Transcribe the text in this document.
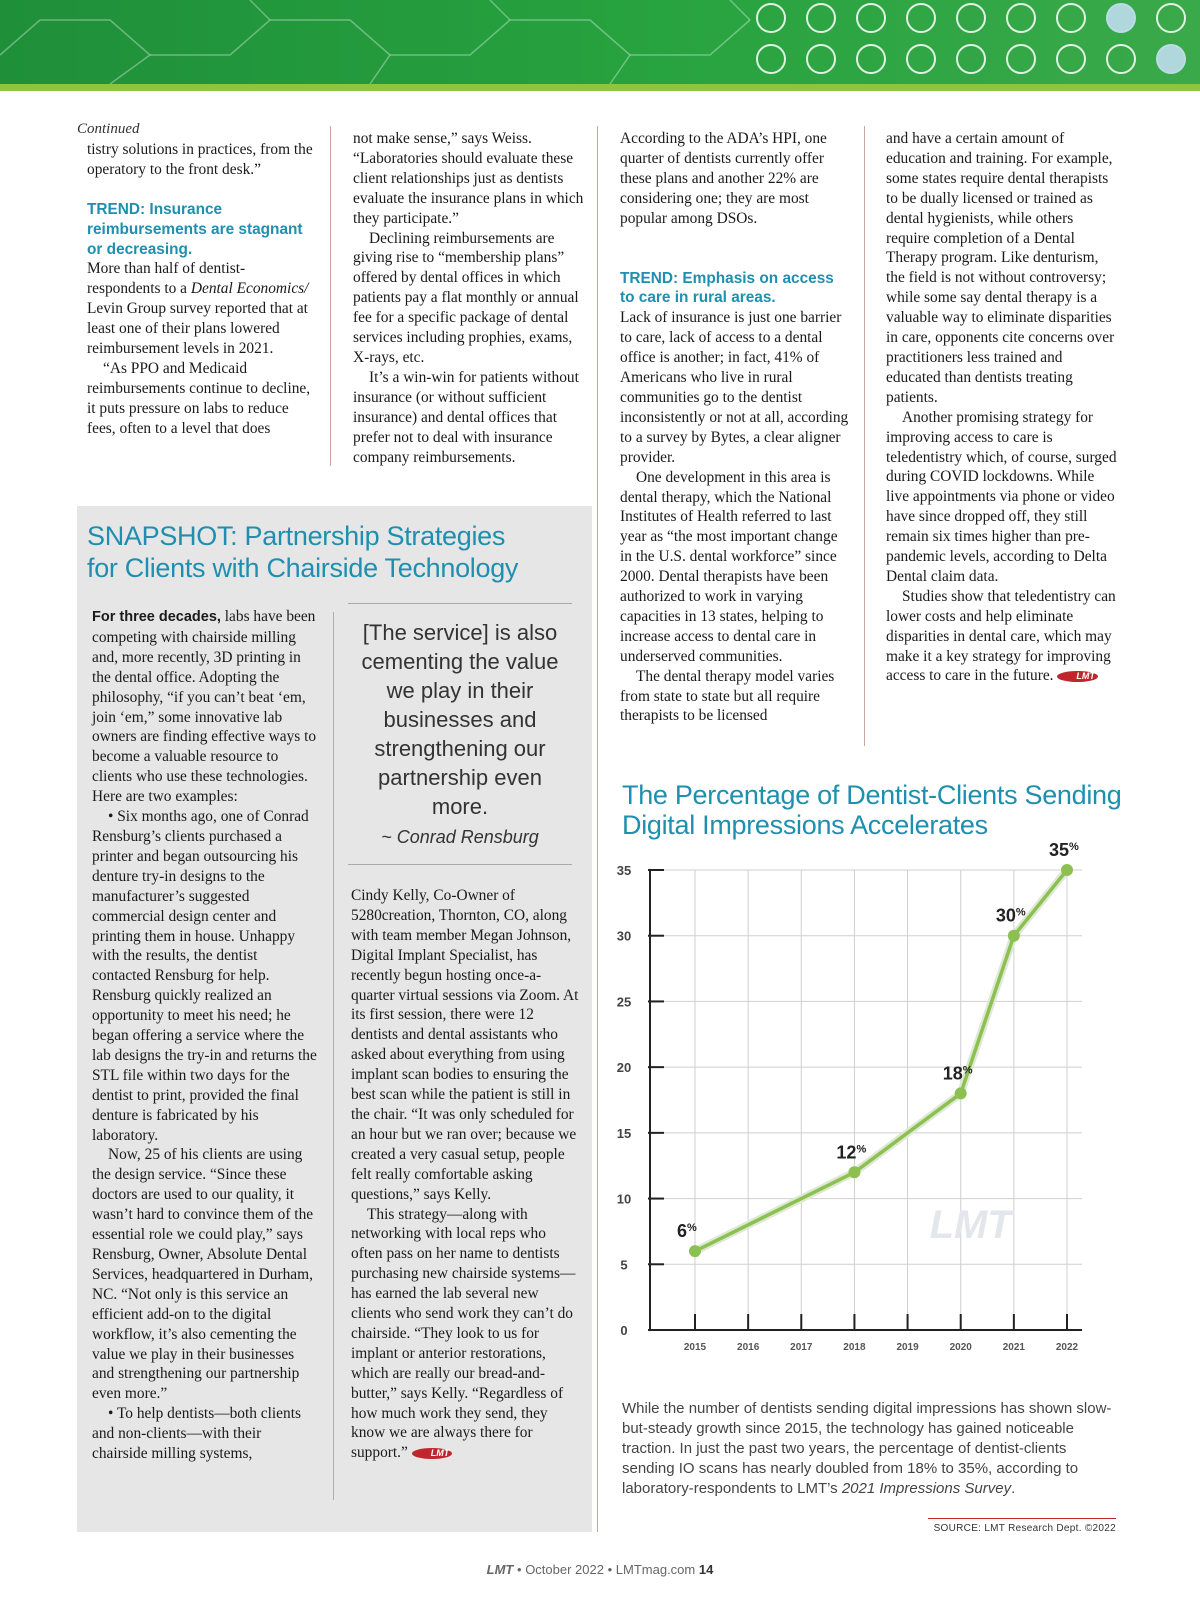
Continued

tistry solutions in practices, from the operatory to the front desk.”

TREND: Insurance reimbursements are stagnant or decreasing.

More than half of dentist-respondents to a Dental Economics/ Levin Group survey reported that at least one of their plans lowered reimbursement levels in 2021.

“As PPO and Medicaid reimbursements continue to decline, it puts pressure on labs to reduce fees, often to a level that does

not make sense,” says Weiss. “Laboratories should evaluate these client relationships just as dentists evaluate the insurance plans in which they participate.”

Declining reimbursements are giving rise to “membership plans” offered by dental offices in which patients pay a flat monthly or annual fee for a specific package of dental services including prophies, exams, X-rays, etc.

It’s a win-win for patients without insurance (or without sufficient insurance) and dental offices that prefer not to deal with insurance company reimbursements.

According to the ADA’s HPI, one quarter of dentists currently offer these plans and another 22% are considering one; they are most popular among DSOs.

TREND: Emphasis on access to care in rural areas.

Lack of insurance is just one barrier to care, lack of access to a dental office is another; in fact, 41% of Americans who live in rural communities go to the dentist inconsistently or not at all, according to a survey by Bytes, a clear aligner provider.

One development in this area is dental therapy, which the National Institutes of Health referred to last year as “the most important change in the U.S. dental workforce” since 2000. Dental therapists have been authorized to work in varying capacities in 13 states, helping to increase access to dental care in underserved communities.

The dental therapy model varies from state to state but all require therapists to be licensed

and have a certain amount of education and training. For example, some states require dental therapists to be dually licensed or trained as dental hygienists, while others require completion of a Dental Therapy program. Like denturism, the field is not without controversy; while some say dental therapy is a valuable way to eliminate disparities in care, opponents cite concerns over practitioners less trained and educated than dentists treating patients.

Another promising strategy for improving access to care is teledentistry which, of course, surged during COVID lockdowns. While live appointments via phone or video have since dropped off, they still remain six times higher than pre-pandemic levels, according to Delta Dental claim data.

Studies show that teledentistry can lower costs and help eliminate disparities in dental care, which may make it a key strategy for improving access to care in the future.	LMT

SNAPSHOT: Partnership Strategies
for Clients with Chairside Technology

For three decades, labs have been competing with chairside milling and, more recently, 3D printing in the dental office. Adopting the philosophy, “if you can’t beat ‘em, join ‘em,” some innovative lab owners are finding effective ways to become a valuable resource to clients who use these technologies. Here are two examples:

• Six months ago, one of Conrad Rensburg’s clients purchased a printer and began outsourcing his denture try-in designs to the manufacturer’s suggested commercial design center and printing them in house. Unhappy with the results, the dentist contacted Rensburg for help. Rensburg quickly realized an opportunity to meet his need; he began offering a service where the lab designs the try-in and returns the STL file within two days for the dentist to print, provided the final denture is fabricated by his laboratory.

Now, 25 of his clients are using the design service. “Since these doctors are used to our quality, it wasn’t hard to convince them of the essential role we could play,” says Rensburg, Owner, Absolute Dental Services, headquartered in Durham, NC. “Not only is this service an efficient add-on to the digital workflow, it’s also cementing the value we play in their businesses and strengthening our partnership even more.”

• To help dentists—both clients and non-clients—with their chairside milling systems,

[The service] is also cementing the value we play in their businesses and strengthening our partnership even more.
~ Conrad Rensburg

Cindy Kelly, Co-Owner of 5280creation, Thornton, CO, along with team member Megan Johnson, Digital Implant Specialist, has recently begun hosting once-a-quarter virtual sessions via Zoom. At its first session, there were 12 dentists and dental assistants who asked about everything from using implant scan bodies to ensuring the best scan while the patient is still in the chair. “It was only scheduled for an hour but we ran over; because we created a very casual setup, people felt really comfortable asking questions,” says Kelly.

This strategy—along with networking with local reps who often pass on her name to dentists purchasing new chairside systems—has earned the lab several new clients who send work they can’t do chairside. “They look to us for implant or anterior restorations, which are really our bread-and-butter,” says Kelly. “Regardless of how much work they send, they know we are always there for support.”	LMT

The Percentage of Dentist-Clients Sending Digital Impressions Accelerates
0
5
10
15
20
25
30
35
2015	2016	2017	2018	2019	2020	2021	2022
LMT
6%
12%
18%
30%
35%
While the number of dentists sending digital impressions has shown slow-but-steady growth since 2015, the technology has gained noticeable traction. In just the past two years, the percentage of dentist-clients sending IO scans has nearly doubled from 18% to 35%, according to laboratory-respondents to LMT’s 2021 Impressions Survey.
SOURCE: LMT Research Dept. ©2022
LMT • October 2022 • LMTmag.com 14
